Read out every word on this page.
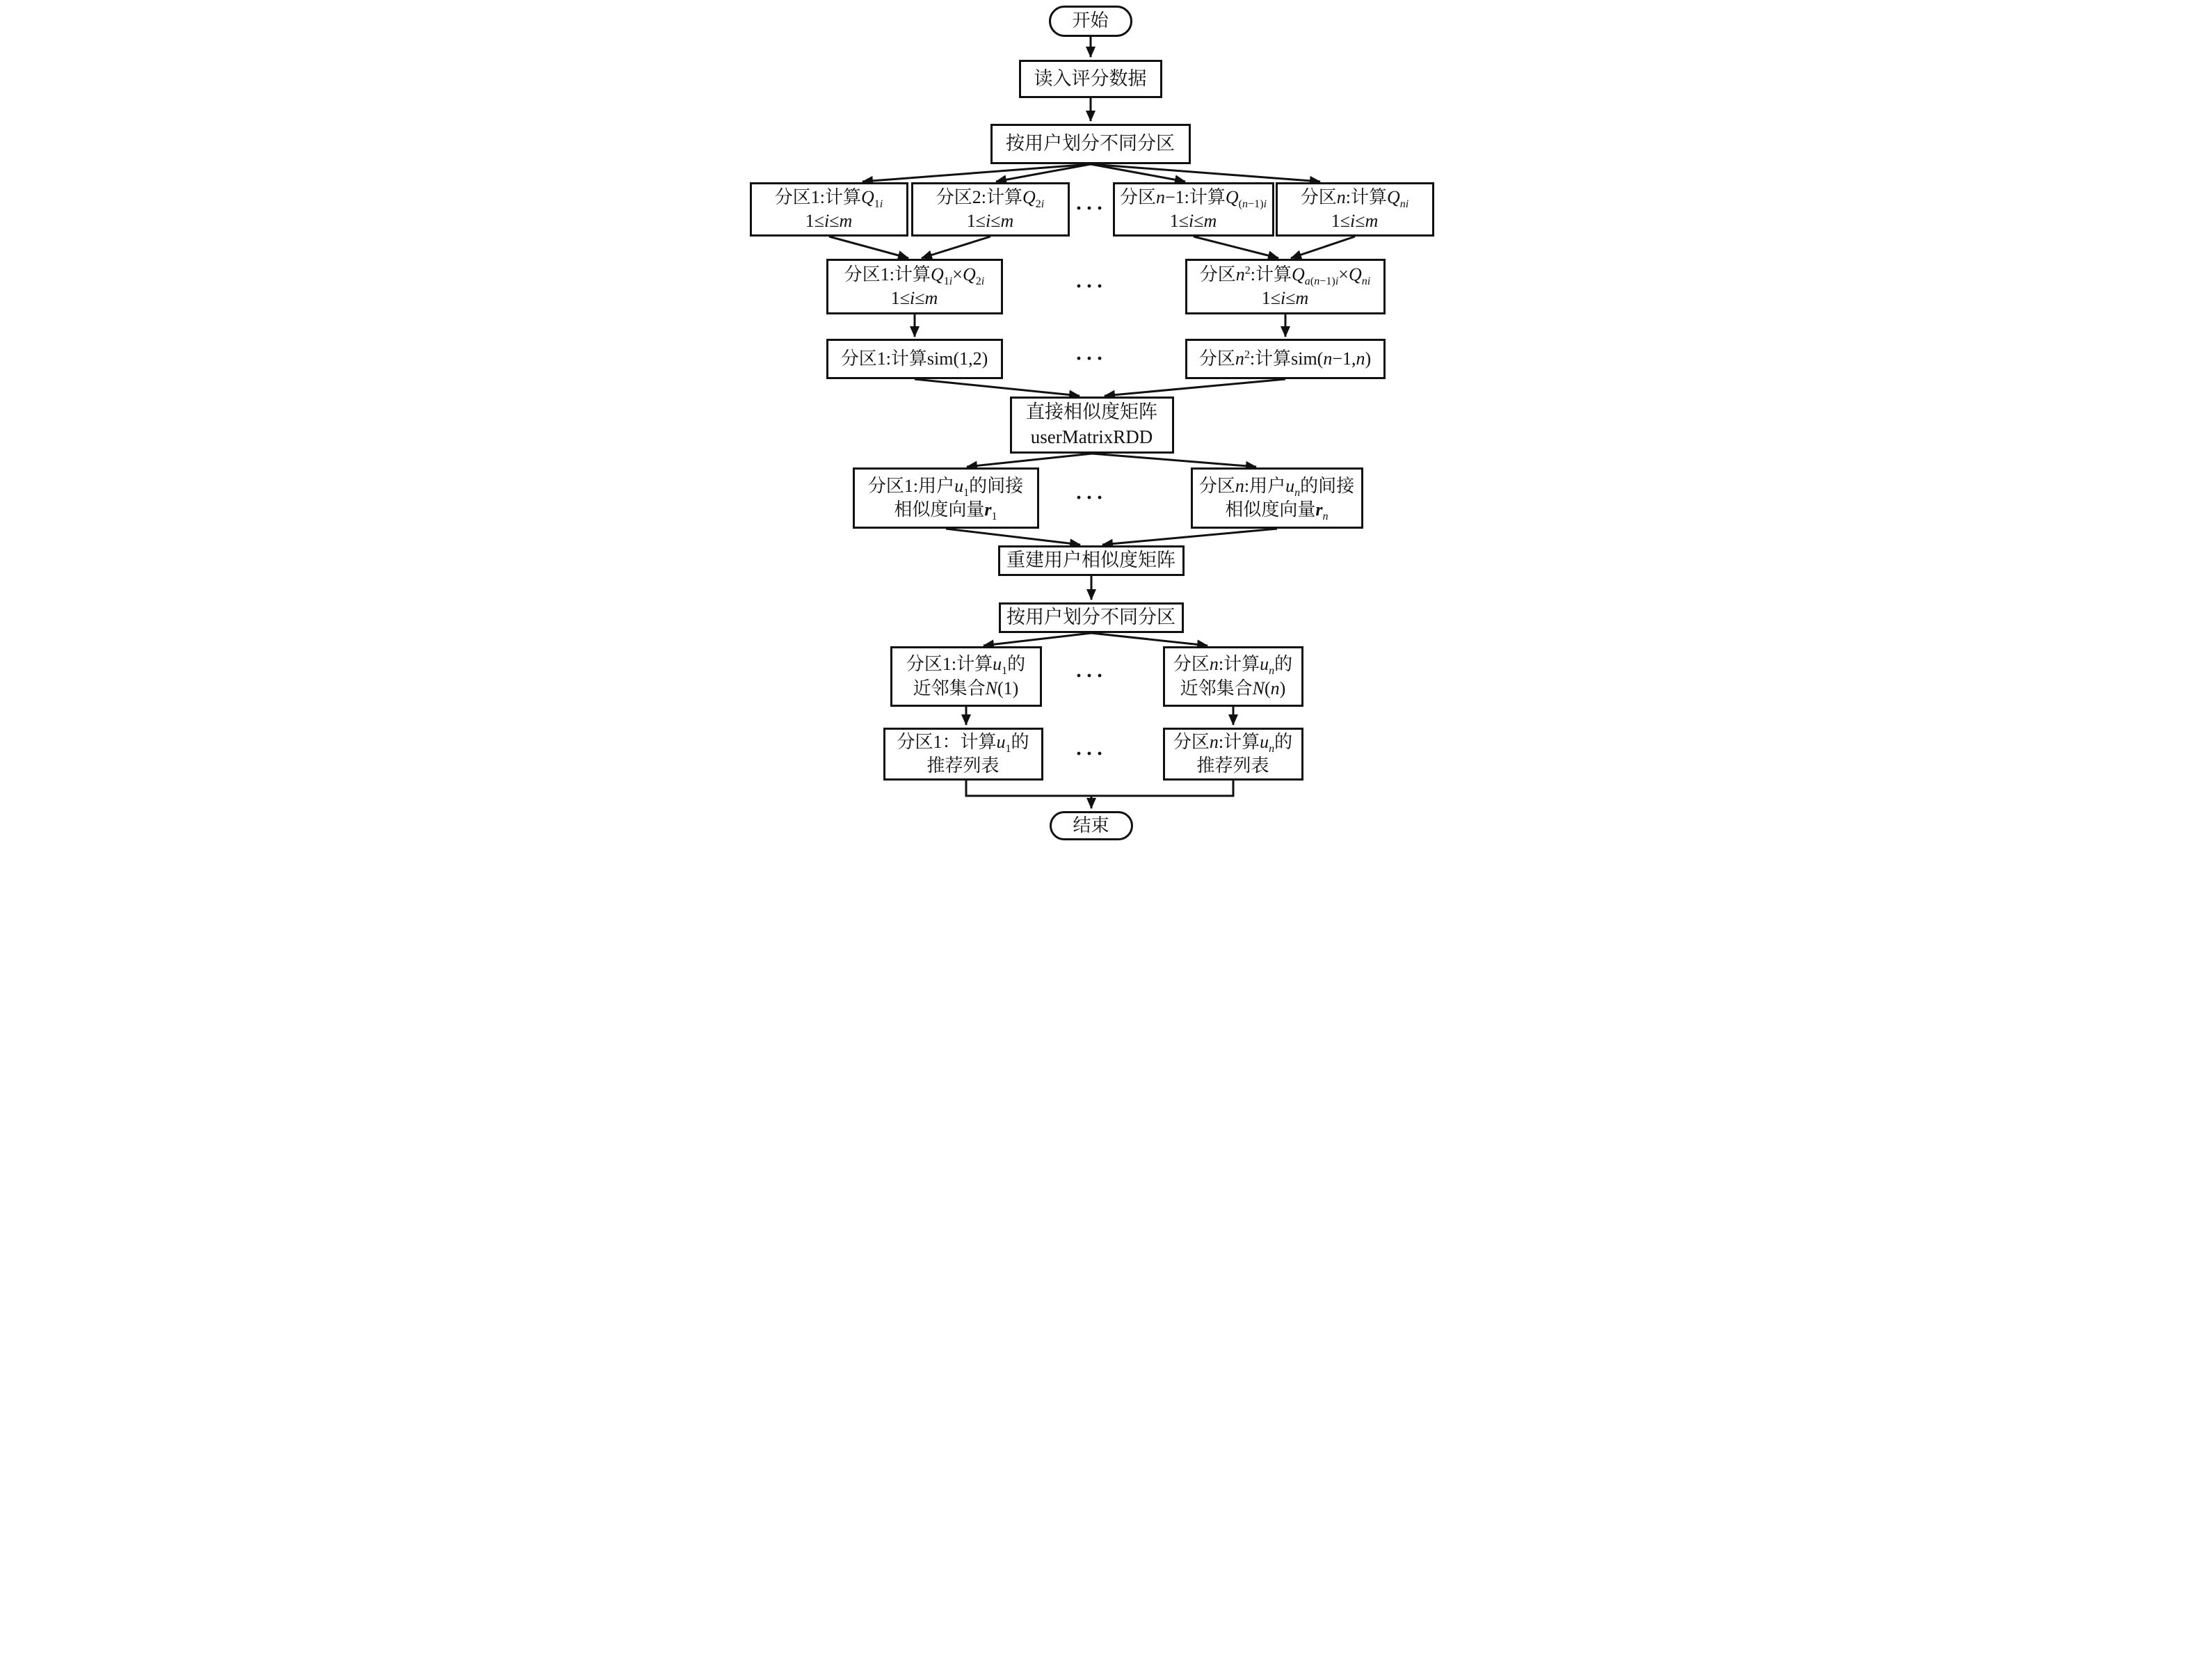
开始
读入评分数据
按用户划分不同分区
分区1:计算$Q_{1i}$
1≤i≤m
分区2:计算$Q_{2i}$
1≤i≤m
··· 分区n−1:计算$Q_{(n-1)i}$
1≤i≤m
分区n:计算$Q_{ni}$
1≤i≤m
分区1:计算$Q_{1i}\times Q_{2i}$
1≤i≤m
···
分区$n^2$:计算$Q_{a(n-1)i}\times Q_{ni}$
1≤i≤m
分区1:计算sim(1,2)	···	分区$n^2$:计算sim(n−1,n)
直接相似度矩阵
userMatrixRDD
分区1:用户$u_1$的间接
相似度向量$r_1$
···
分区n:用户$u_n$的间接
相似度向量$r_n$
重建用户相似度矩阵
按用户划分不同分区
分区1:计算$u_1$的
近邻集合N(1)
···
分区n:计算$u_n$的
近邻集合N(n)
分区1：计算$u_1$的
推荐列表
···
分区n:计算$u_n$的
推荐列表
结束
